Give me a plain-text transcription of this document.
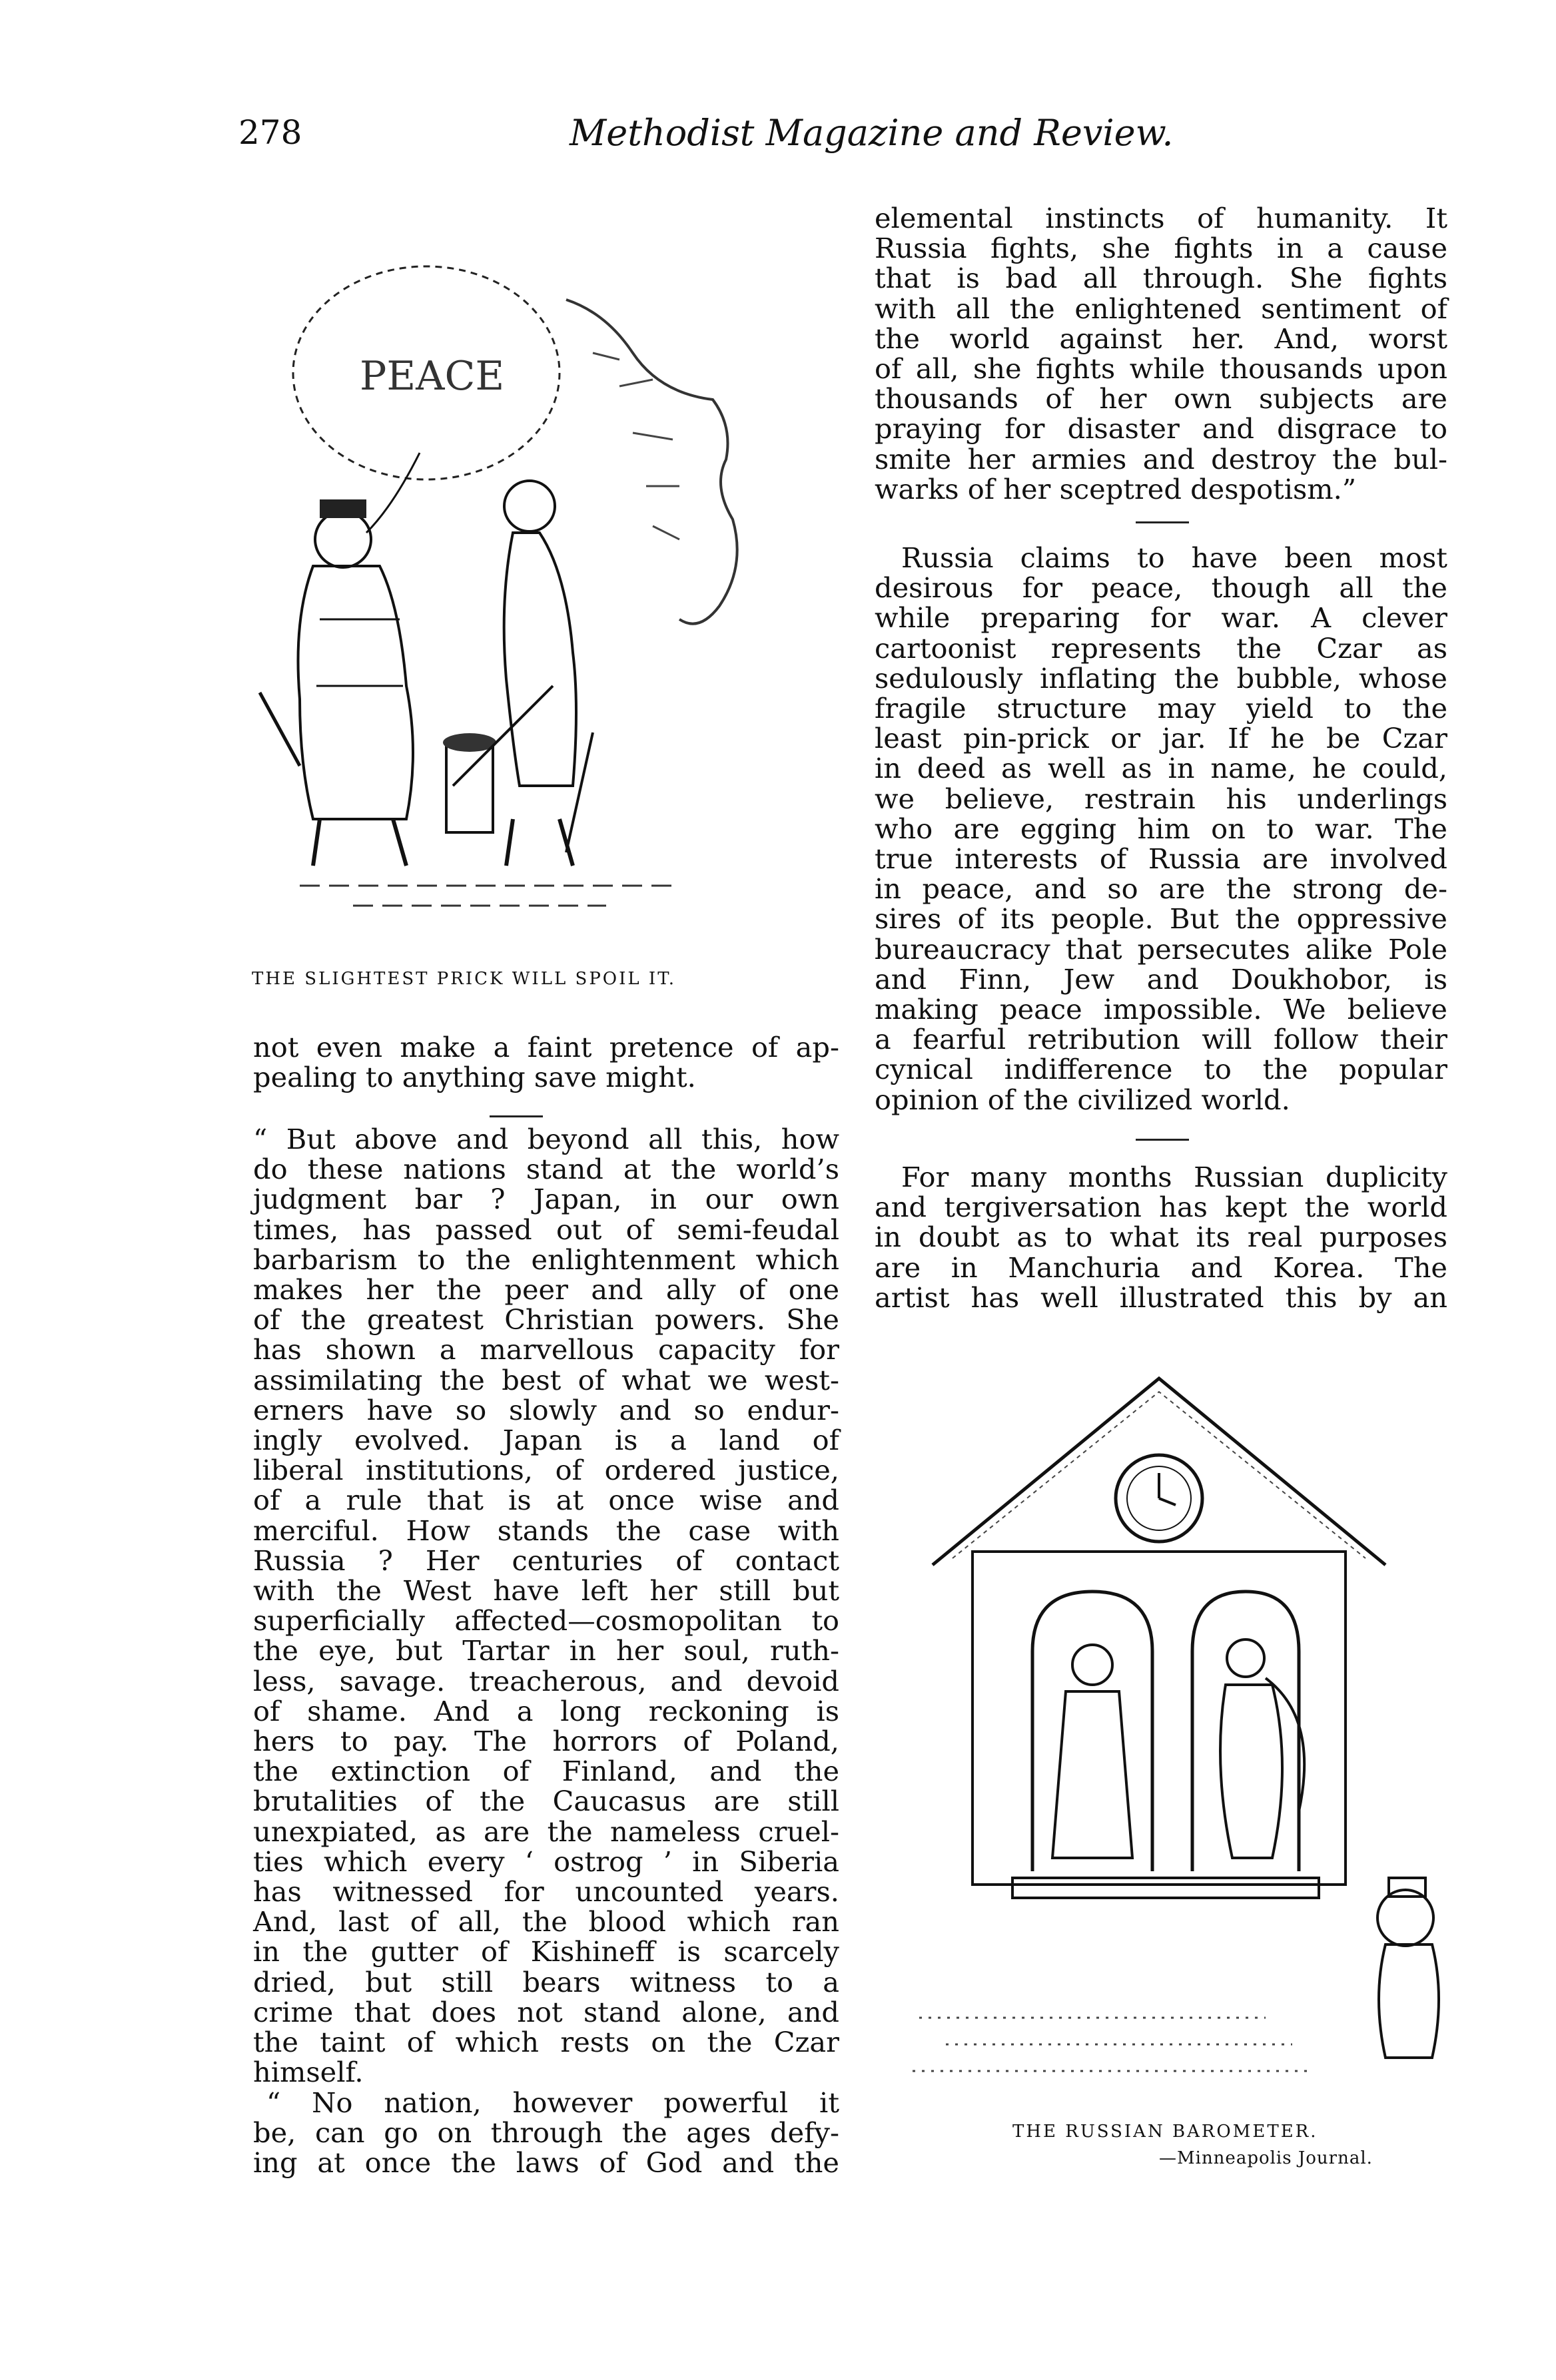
278	Methodist Magazine and Review.
PEACE
THE SLIGHTEST PRICK WILL SPOIL IT.
THE RUSSIAN BAROMETER.
—Minneapolis Journal.
not even make a faint pretence of ap-
pealing to anything save might.
“ But above and beyond all this, how
do these nations stand at the world’s
judgment bar ? Japan, in our own
times, has passed out of semi-feudal
barbarism to the enlightenment which
makes her the peer and ally of one
of the greatest Christian powers. She
has shown a marvellous capacity for
assimilating the best of what we west-
erners have so slowly and so endur-
ingly evolved. Japan is a land of
liberal institutions, of ordered justice,
of a rule that is at once wise and
merciful. How stands the case with
Russia ? Her centuries of contact
with the West have left her still but
superficially affected—cosmopolitan to
the eye, but Tartar in her soul, ruth-
less, savage. treacherous, and devoid
of shame. And a long reckoning is
hers to pay. The horrors of Poland,
the extinction of Finland, and the
brutalities of the Caucasus are still
unexpiated, as are the nameless cruel-
ties which every ‘ ostrog ’ in Siberia
has witnessed for uncounted years.
And, last of all, the blood which ran
in the gutter of Kishineff is scarcely
dried, but still bears witness to a
crime that does not stand alone, and
the taint of which rests on the Czar
himself.
“ No nation, however powerful it
be, can go on through the ages defy-
ing at once the laws of God and the
elemental instincts of humanity. It
Russia fights, she fights in a cause
that is bad all through. She fights
with all the enlightened sentiment of
the world against her. And, worst
of all, she fights while thousands upon
thousands of her own subjects are
praying for disaster and disgrace to
smite her armies and destroy the bul-
warks of her sceptred despotism.”
Russia claims to have been most
desirous for peace, though all the
while preparing for war. A clever
cartoonist represents the Czar as
sedulously inflating the bubble, whose
fragile structure may yield to the
least pin-prick or jar. If he be Czar
in deed as well as in name, he could,
we believe, restrain his underlings
who are egging him on to war. The
true interests of Russia are involved
in peace, and so are the strong de-
sires of its people. But the oppressive
bureaucracy that persecutes alike Pole
and Finn, Jew and Doukhobor, is
making peace impossible. We believe
a fearful retribution will follow their
cynical indifference to the popular
opinion of the civilized world.
For many months Russian duplicity
and tergiversation has kept the world
in doubt as to what its real purposes
are in Manchuria and Korea. The
artist has well illustrated this by an
